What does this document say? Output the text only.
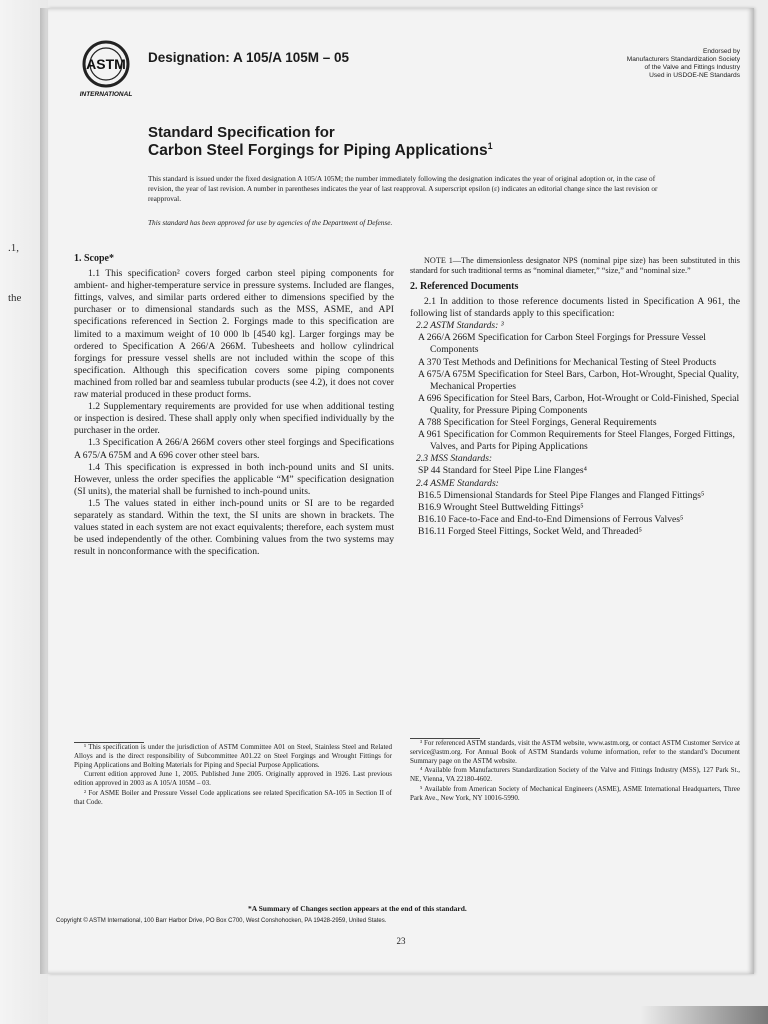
.1,
the
ASTM
INTERNATIONAL
Designation: A 105/A 105M – 05	Endorsed by
Manufacturers Standardization Society
of the Valve and Fittings Industry
Used in USDOE-NE Standards
Standard Specification for
Carbon Steel Forgings for Piping Applications$^1$
This standard is issued under the fixed designation A 105/A 105M; the number immediately following the designation indicates the year of original adoption or, in the case of revision, the year of last revision. A number in parentheses indicates the year of last reapproval. A superscript epsilon (ε) indicates an editorial change since the last revision or reapproval.
This standard has been approved for use by agencies of the Department of Defense.
1. Scope*

1.1 This specification² covers forged carbon steel piping components for ambient- and higher-temperature service in pressure systems. Included are flanges, fittings, valves, and similar parts ordered either to dimensions specified by the purchaser or to dimensional standards such as the MSS, ASME, and API specifications referenced in Section 2. Forgings made to this specification are limited to a maximum weight of 10 000 lb [4540 kg]. Larger forgings may be ordered to Specification A 266/A 266M. Tubesheets and hollow cylindrical forgings for pressure vessel shells are not included within the scope of this specification. Although this specification covers some piping components machined from rolled bar and seamless tubular products (see 4.2), it does not cover raw material produced in these product forms.

1.2 Supplementary requirements are provided for use when additional testing or inspection is desired. These shall apply only when specified individually by the purchaser in the order.

1.3 Specification A 266/A 266M covers other steel forgings and Specifications A 675/A 675M and A 696 cover other steel bars.

1.4 This specification is expressed in both inch-pound units and SI units. However, unless the order specifies the applicable “M” specification designation (SI units), the material shall be furnished to inch-pound units.

1.5 The values stated in either inch-pound units or SI are to be regarded separately as standard. Within the text, the SI units are shown in brackets. The values stated in each system are not exact equivalents; therefore, each system must be used independently of the other. Combining values from the two systems may result in nonconformance with the specification.

NOTE 1—The dimensionless designator NPS (nominal pipe size) has been substituted in this standard for such traditional terms as “nominal diameter,” “size,” and “nominal size.”

2. Referenced Documents

2.1 In addition to those reference documents listed in Specification A 961, the following list of standards apply to this specification:

2.2 ASTM Standards: ³

A 266/A 266M Specification for Carbon Steel Forgings for Pressure Vessel Components

A 370 Test Methods and Definitions for Mechanical Testing of Steel Products

A 675/A 675M Specification for Steel Bars, Carbon, Hot-Wrought, Special Quality, Mechanical Properties

A 696 Specification for Steel Bars, Carbon, Hot-Wrought or Cold-Finished, Special Quality, for Pressure Piping Components

A 788 Specification for Steel Forgings, General Requirements

A 961 Specification for Common Requirements for Steel Flanges, Forged Fittings, Valves, and Parts for Piping Applications

2.3 MSS Standards:

SP 44 Standard for Steel Pipe Line Flanges⁴

2.4 ASME Standards:

B16.5 Dimensional Standards for Steel Pipe Flanges and Flanged Fittings⁵

B16.9 Wrought Steel Buttwelding Fittings⁵

B16.10 Face-to-Face and End-to-End Dimensions of Ferrous Valves⁵

B16.11 Forged Steel Fittings, Socket Weld, and Threaded⁵

¹ This specification is under the jurisdiction of ASTM Committee A01 on Steel, Stainless Steel and Related Alloys and is the direct responsibility of Subcommittee A01.22 on Steel Forgings and Wrought Fittings for Piping Applications and Bolting Materials for Piping and Special Purpose Applications.

Current edition approved June 1, 2005. Published June 2005. Originally approved in 1926. Last previous edition approved in 2003 as A 105/A 105M – 03.

² For ASME Boiler and Pressure Vessel Code applications see related Specification SA-105 in Section II of that Code.

³ For referenced ASTM standards, visit the ASTM website, www.astm.org, or contact ASTM Customer Service at service@astm.org. For Annual Book of ASTM Standards volume information, refer to the standard’s Document Summary page on the ASTM website.

⁴ Available from Manufacturers Standardization Society of the Valve and Fittings Industry (MSS), 127 Park St., NE, Vienna, VA 22180-4602.

⁵ Available from American Society of Mechanical Engineers (ASME), ASME International Headquarters, Three Park Ave., New York, NY 10016-5990.

*A Summary of Changes section appears at the end of this standard.
Copyright © ASTM International, 100 Barr Harbor Drive, PO Box C700, West Conshohocken, PA 19428-2959, United States.
23
